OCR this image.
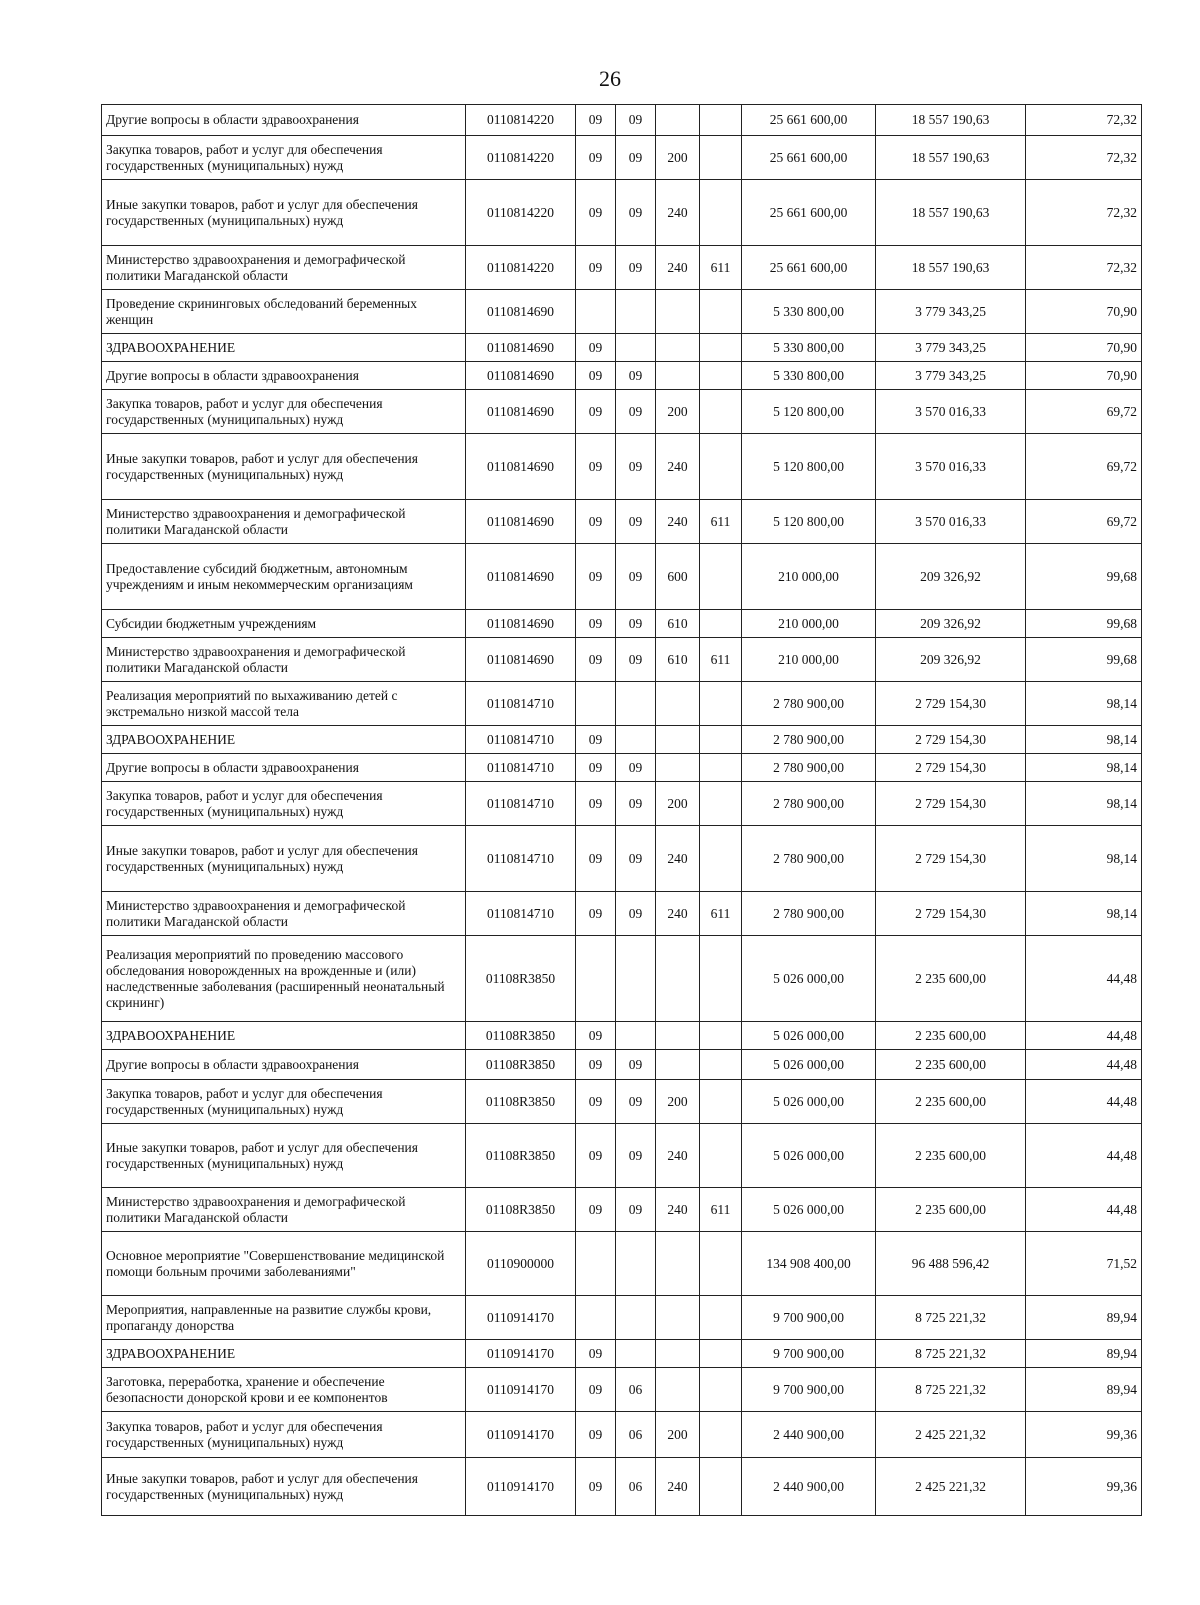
26
Другие вопросы в области здравоохранения	0110814220	09	09			25 661 600,00	18 557 190,63	72,32
Закупка товаров, работ и услуг для обеспечения государственных (муниципальных) нужд	0110814220	09	09	200		25 661 600,00	18 557 190,63	72,32
Иные закупки товаров, работ и услуг для обеспечения государственных (муниципальных) нужд	0110814220	09	09	240		25 661 600,00	18 557 190,63	72,32
Министерство здравоохранения и демографической политики Магаданской области	0110814220	09	09	240	611	25 661 600,00	18 557 190,63	72,32
Проведение скрининговых обследований беременных женщин	0110814690					5 330 800,00	3 779 343,25	70,90
ЗДРАВООХРАНЕНИЕ	0110814690	09				5 330 800,00	3 779 343,25	70,90
Другие вопросы в области здравоохранения	0110814690	09	09			5 330 800,00	3 779 343,25	70,90
Закупка товаров, работ и услуг для обеспечения государственных (муниципальных) нужд	0110814690	09	09	200		5 120 800,00	3 570 016,33	69,72
Иные закупки товаров, работ и услуг для обеспечения государственных (муниципальных) нужд	0110814690	09	09	240		5 120 800,00	3 570 016,33	69,72
Министерство здравоохранения и демографической политики Магаданской области	0110814690	09	09	240	611	5 120 800,00	3 570 016,33	69,72
Предоставление субсидий бюджетным, автономным учреждениям и иным некоммерческим организациям	0110814690	09	09	600		210 000,00	209 326,92	99,68
Субсидии бюджетным учреждениям	0110814690	09	09	610		210 000,00	209 326,92	99,68
Министерство здравоохранения и демографической политики Магаданской области	0110814690	09	09	610	611	210 000,00	209 326,92	99,68
Реализация мероприятий по выхаживанию детей с экстремально низкой массой тела	0110814710					2 780 900,00	2 729 154,30	98,14
ЗДРАВООХРАНЕНИЕ	0110814710	09				2 780 900,00	2 729 154,30	98,14
Другие вопросы в области здравоохранения	0110814710	09	09			2 780 900,00	2 729 154,30	98,14
Закупка товаров, работ и услуг для обеспечения государственных (муниципальных) нужд	0110814710	09	09	200		2 780 900,00	2 729 154,30	98,14
Иные закупки товаров, работ и услуг для обеспечения государственных (муниципальных) нужд	0110814710	09	09	240		2 780 900,00	2 729 154,30	98,14
Министерство здравоохранения и демографической политики Магаданской области	0110814710	09	09	240	611	2 780 900,00	2 729 154,30	98,14
Реализация мероприятий по проведению массового обследования новорожденных на врожденные и (или) наследственные заболевания (расширенный неонатальный скрининг)	01108R3850					5 026 000,00	2 235 600,00	44,48
ЗДРАВООХРАНЕНИЕ	01108R3850	09				5 026 000,00	2 235 600,00	44,48
Другие вопросы в области здравоохранения	01108R3850	09	09			5 026 000,00	2 235 600,00	44,48
Закупка товаров, работ и услуг для обеспечения государственных (муниципальных) нужд	01108R3850	09	09	200		5 026 000,00	2 235 600,00	44,48
Иные закупки товаров, работ и услуг для обеспечения государственных (муниципальных) нужд	01108R3850	09	09	240		5 026 000,00	2 235 600,00	44,48
Министерство здравоохранения и демографической политики Магаданской области	01108R3850	09	09	240	611	5 026 000,00	2 235 600,00	44,48
Основное мероприятие "Совершенствование медицинской помощи больным прочими заболеваниями"	0110900000					134 908 400,00	96 488 596,42	71,52
Мероприятия, направленные на развитие службы крови, пропаганду донорства	0110914170					9 700 900,00	8 725 221,32	89,94
ЗДРАВООХРАНЕНИЕ	0110914170	09				9 700 900,00	8 725 221,32	89,94
Заготовка, переработка, хранение и обеспечение безопасности донорской крови и ее компонентов	0110914170	09	06			9 700 900,00	8 725 221,32	89,94
Закупка товаров, работ и услуг для обеспечения государственных (муниципальных) нужд	0110914170	09	06	200		2 440 900,00	2 425 221,32	99,36
Иные закупки товаров, работ и услуг для обеспечения государственных (муниципальных) нужд	0110914170	09	06	240		2 440 900,00	2 425 221,32	99,36
